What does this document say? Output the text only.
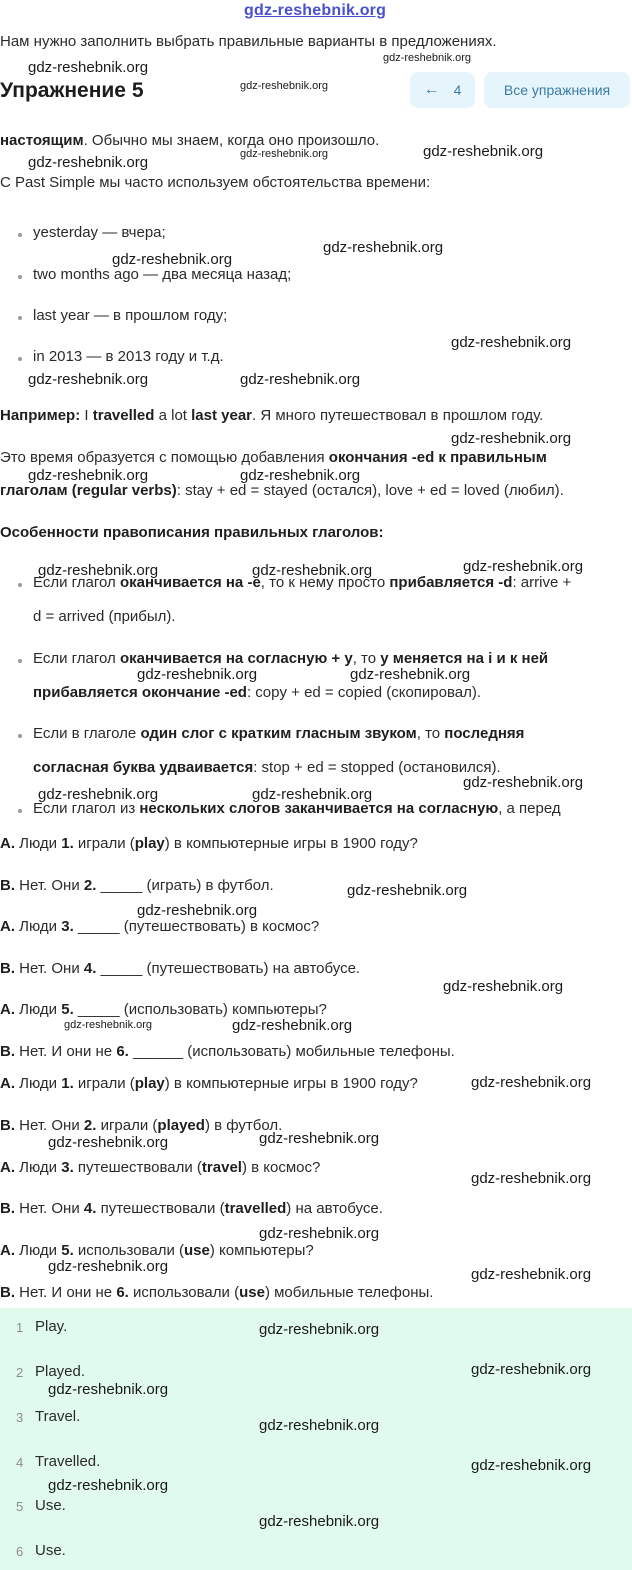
gdz-reshebnik.org
Нам нужно заполнить выбрать правильные варианты в предложениях.
Упражнение 5	← 4	Все упражнения
настоящим. Обычно мы знаем, когда оно произошло.
С Past Simple мы часто используем обстоятельства времени:
yesterday — вчера;
two months ago — два месяца назад;
last year — в прошлом году;
in 2013 — в 2013 году и т.д.
Например: I travelled a lot last year. Я много путешествовал в прошлом году.
Это время образуется с помощью добавления окончания -ed к правильным
глаголам (regular verbs): stay + ed = stayed (остался), love + ed = loved (любил).
Особенности правописания правильных глаголов:
Если глагол оканчивается на -e, то к нему просто прибавляется -d: arrive +
d = arrived (прибыл).
Если глагол оканчивается на согласную + y, то y меняется на i и к ней
прибавляется окончание -ed: copy + ed = copied (скопировал).
Если в глаголе один слог с кратким гласным звуком, то последняя
согласная буква удваивается: stop + ed = stopped (остановился).
Если глагол из нескольких слогов заканчивается на согласную, а перед
A. Люди 1. играли (play) в компьютерные игры в 1900 году?
B. Нет. Они 2. _____ (играть) в футбол.
A. Люди 3. _____ (путешествовать) в космос?
B. Нет. Они 4. _____ (путешествовать) на автобусе.
A. Люди 5. _____ (использовать) компьютеры?
B. Нет. И они не 6. ______ (использовать) мобильные телефоны.
A. Люди 1. играли (play) в компьютерные игры в 1900 году?
B. Нет. Они 2. играли (played) в футбол.
A. Люди 3. путешествовали (travel) в космос?
B. Нет. Они 4. путешествовали (travelled) на автобусе.
A. Люди 5. использовали (use) компьютеры?
B. Нет. И они не 6. использовали (use) мобильные телефоны.
1 Play.
2 Played.
3 Travel.
4 Travelled.
5 Use.
6 Use.
gdz-reshebnik.org
gdz-reshebnik.org
gdz-reshebnik.org
gdz-reshebnik.org
gdz-reshebnik.org
gdz-reshebnik.org
gdz-reshebnik.org
gdz-reshebnik.org
gdz-reshebnik.org
gdz-reshebnik.org	gdz-reshebnik.org
gdz-reshebnik.org
gdz-reshebnik.org	gdz-reshebnik.org
gdz-reshebnik.org
gdz-reshebnik.org	gdz-reshebnik.org
gdz-reshebnik.org	gdz-reshebnik.org
gdz-reshebnik.org
gdz-reshebnik.org	gdz-reshebnik.org
gdz-reshebnik.org
gdz-reshebnik.org
gdz-reshebnik.org
gdz-reshebnik.org	gdz-reshebnik.org
gdz-reshebnik.org
gdz-reshebnik.org	gdz-reshebnik.org
gdz-reshebnik.org
gdz-reshebnik.org
gdz-reshebnik.org	gdz-reshebnik.org
gdz-reshebnik.org
gdz-reshebnik.org
gdz-reshebnik.org
gdz-reshebnik.org
gdz-reshebnik.org
gdz-reshebnik.org
gdz-reshebnik.org
